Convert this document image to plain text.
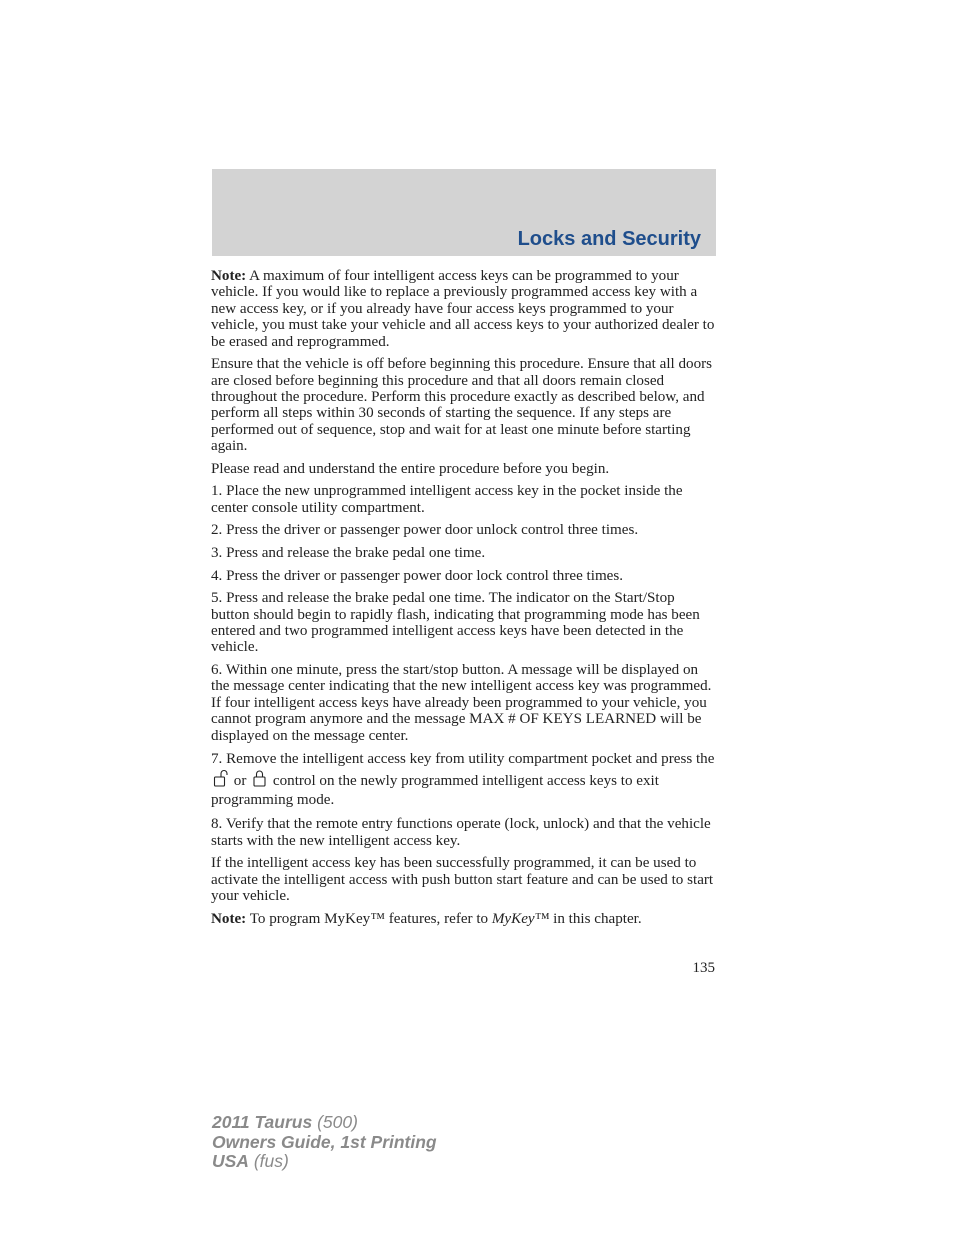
Locks and Security

Note: A maximum of four intelligent access keys can be programmed to your vehicle. If you would like to replace a previously programmed access key with a new access key, or if you already have four access keys programmed to your vehicle, you must take your vehicle and all access keys to your authorized dealer to be erased and reprogrammed.

Ensure that the vehicle is off before beginning this procedure. Ensure that all doors are closed before beginning this procedure and that all doors remain closed throughout the procedure. Perform this procedure exactly as described below, and perform all steps within 30 seconds of starting the sequence. If any steps are performed out of sequence, stop and wait for at least one minute before starting again.

Please read and understand the entire procedure before you begin.

1. Place the new unprogrammed intelligent access key in the pocket inside the center console utility compartment.

2. Press the driver or passenger power door unlock control three times.

3. Press and release the brake pedal one time.

4. Press the driver or passenger power door lock control three times.

5. Press and release the brake pedal one time. The indicator on the Start/Stop button should begin to rapidly flash, indicating that programming mode has been entered and two programmed intelligent access keys have been detected in the vehicle.

6. Within one minute, press the start/stop button. A message will be displayed on the message center indicating that the new intelligent access key was programmed. If four intelligent access keys have already been programmed to your vehicle, you cannot program anymore and the message MAX # OF KEYS LEARNED will be displayed on the message center.

7. Remove the intelligent access key from utility compartment pocket and press the  or  control on the newly programmed intelligent access keys to exit programming mode.

8. Verify that the remote entry functions operate (lock, unlock) and that the vehicle starts with the new intelligent access key.

If the intelligent access key has been successfully programmed, it can be used to activate the intelligent access with push button start feature and can be used to start your vehicle.

Note: To program MyKey™ features, refer to MyKey™ in this chapter.

135
2011 Taurus (500)
Owners Guide, 1st Printing
USA (fus)
